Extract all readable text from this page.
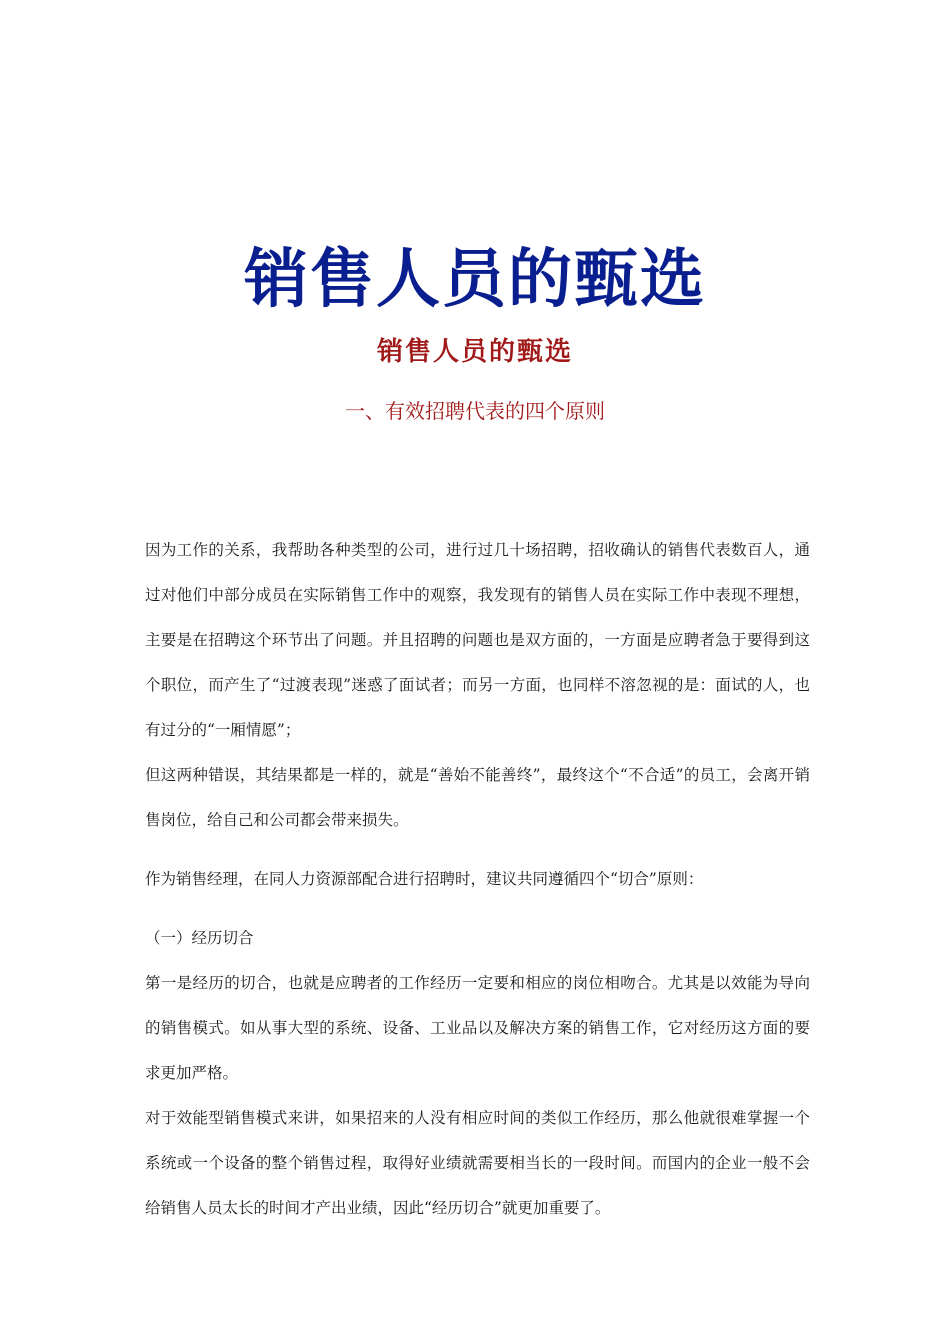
销售人员的甄选
销售人员的甄选
一、有效招聘代表的四个原则

因为工作的关系，我帮助各种类型的公司，进行过几十场招聘，招收确认的销售代表数百人，通过对他们中部分成员在实际销售工作中的观察，我发现有的销售人员在实际工作中表现不理想，主要是在招聘这个环节出了问题。并且招聘的问题也是双方面的，一方面是应聘者急于要得到这个职位，而产生了“过渡表现”迷惑了面试者；而另一方面，也同样不溶忽视的是：面试的人，也有过分的“一厢情愿”；

但这两种错误，其结果都是一样的，就是“善始不能善终”，最终这个“不合适”的员工，会离开销售岗位，给自己和公司都会带来损失。

作为销售经理，在同人力资源部配合进行招聘时，建议共同遵循四个“切合”原则：

（一）经历切合

第一是经历的切合，也就是应聘者的工作经历一定要和相应的岗位相吻合。尤其是以效能为导向的销售模式。如从事大型的系统、设备、工业品以及解决方案的销售工作，它对经历这方面的要求更加严格。

对于效能型销售模式来讲，如果招来的人没有相应时间的类似工作经历，那么他就很难掌握一个系统或一个设备的整个销售过程，取得好业绩就需要相当长的一段时间。而国内的企业一般不会给销售人员太长的时间才产出业绩，因此“经历切合”就更加重要了。
